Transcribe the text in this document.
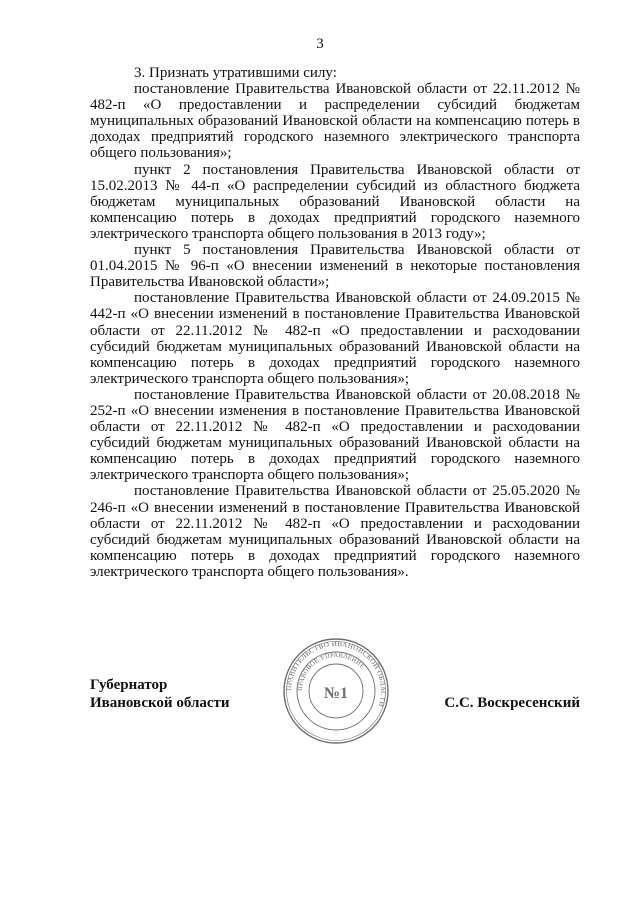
3

3. Признать утратившими силу:

постановление Правительства Ивановской области от 22.11.2012 № 482-п «О предоставлении и распределении субсидий бюджетам муниципальных образований Ивановской области на компенсацию потерь в доходах предприятий городского наземного электрического транспорта общего пользования»;

пункт 2 постановления Правительства Ивановской области от 15.02.2013 № 44-п «О распределении субсидий из областного бюджета бюджетам муниципальных образований Ивановской области на компенсацию потерь в доходах предприятий городского наземного электрического транспорта общего пользования в 2013 году»;

пункт 5 постановления Правительства Ивановской области от 01.04.2015 № 96-п «О внесении изменений в некоторые постановления Правительства Ивановской области»;

постановление Правительства Ивановской области от 24.09.2015 № 442-п «О внесении изменений в постановление Правительства Ивановской области от 22.11.2012 № 482-п «О предоставлении и расходовании субсидий бюджетам муниципальных образований Ивановской области на компенсацию потерь в доходах предприятий городского наземного электрического транспорта общего пользования»;

постановление Правительства Ивановской области от 20.08.2018 № 252-п «О внесении изменения в постановление Правительства Ивановской области от 22.11.2012 № 482-п «О предоставлении и расходовании субсидий бюджетам муниципальных образований Ивановской области на компенсацию потерь в доходах предприятий городского наземного электрического транспорта общего пользования»;

постановление Правительства Ивановской области от 25.05.2020 № 246-п «О внесении изменений в постановление Правительства Ивановской области от 22.11.2012 № 482-п «О предоставлении и расходовании субсидий бюджетам муниципальных образований Ивановской области на компенсацию потерь в доходах предприятий городского наземного электрического транспорта общего пользования».

Губернатор
Ивановской области	С.С. Воскресенский
ПРАВИТЕЛЬСТВО ИВАНОВСКОЙ ОБЛАСТИ
ПРАВОВОЕ УПРАВЛЕНИЕ
№1
